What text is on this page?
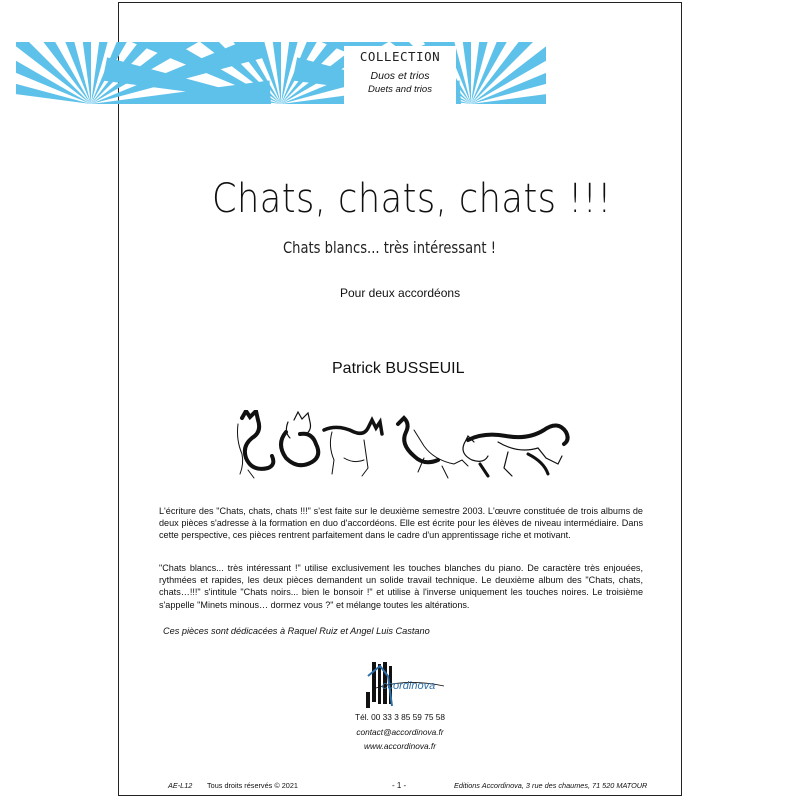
COLLECTION
Duos et trios
Duets and trios
Chats, chats, chats !!!
Chats blancs... très intéressant !
Pour deux accordéons
Patrick BUSSEUIL

L'écriture des "Chats, chats, chats !!!" s'est faite sur le deuxième semestre 2003. L'œuvre constituée de trois albums de deux pièces s'adresse à la formation en duo d'accordéons. Elle est écrite pour les élèves de niveau intermédiaire. Dans cette perspective, ces pièces rentrent parfaitement dans le cadre d'un apprentissage riche et motivant.

"Chats blancs... très intéressant !" utilise exclusivement les touches blanches du piano. De caractère très enjouées, rythmées et rapides, les deux pièces demandent un solide travail technique. Le deuxième album des "Chats, chats, chats…!!!" s'intitule "Chats noirs... bien le bonsoir !" et utilise à l'inverse uniquement les touches noires. Le troisième s'appelle "Minets minous… dormez vous ?" et mélange toutes les altérations.

Ces pièces sont dédicacées à Raquel Ruiz et Angel Luis Castano
ccordinova
Tél. 00 33 3 85 59 75 58
contact@accordinova.fr
www.accordinova.fr
AE-L12 Tous droits réservés © 2021	- 1 -	Editions Accordinova, 3 rue des chaumes, 71 520 MATOUR
